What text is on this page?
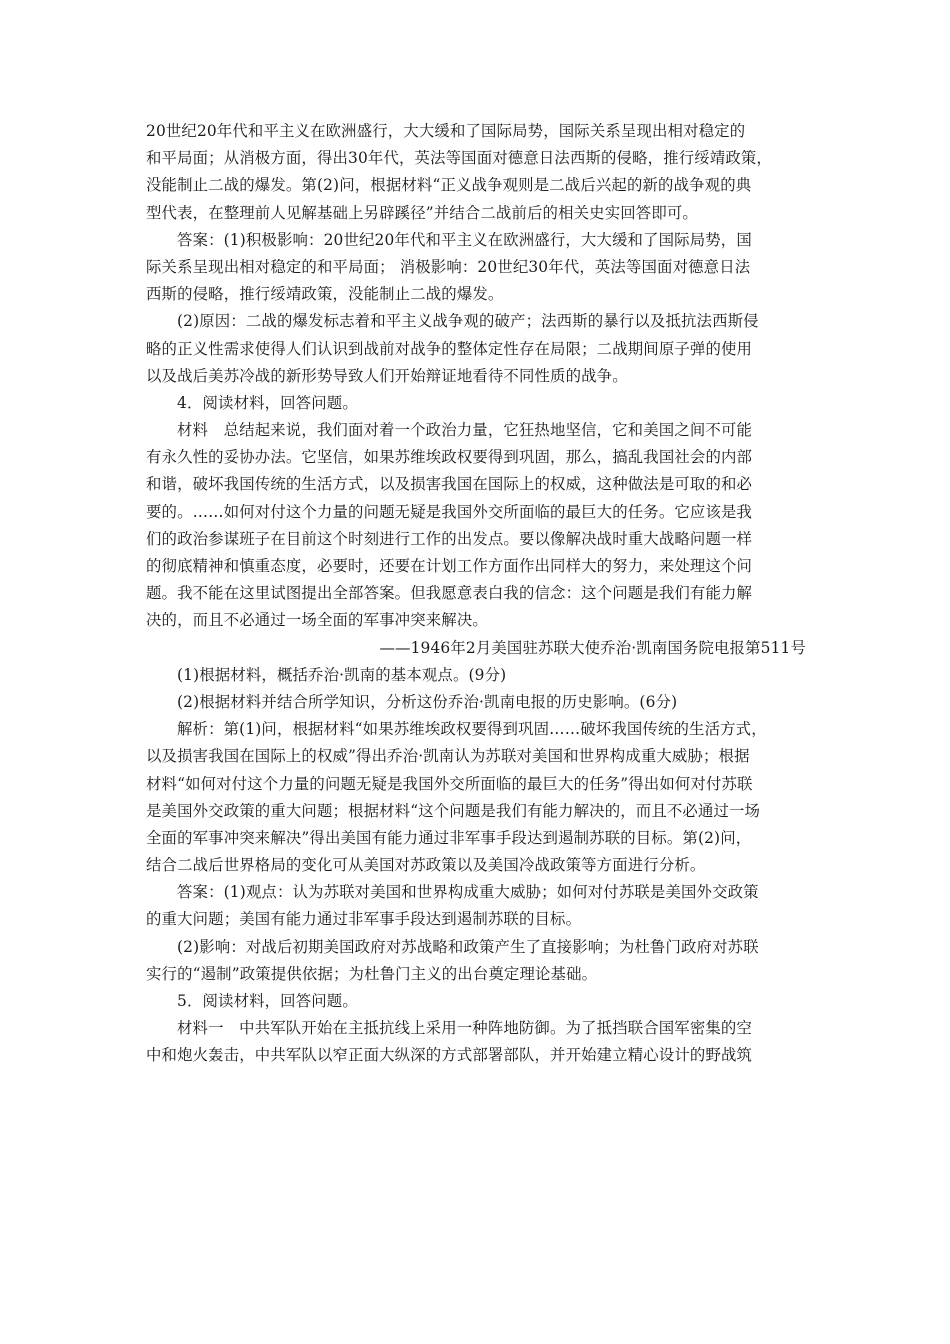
20世纪20年代和平主义在欧洲盛行，大大缓和了国际局势，国际关系呈现出相对稳定的
和平局面；从消极方面，得出30年代，英法等国面对德意日法西斯的侵略，推行绥靖政策，
没能制止二战的爆发。第(2)问，根据材料“正义战争观则是二战后兴起的新的战争观的典
型代表，在整理前人见解基础上另辟蹊径”并结合二战前后的相关史实回答即可。
答案：(1)积极影响：20世纪20年代和平主义在欧洲盛行，大大缓和了国际局势，国
际关系呈现出相对稳定的和平局面； 消极影响：20世纪30年代，英法等国面对德意日法
西斯的侵略，推行绥靖政策，没能制止二战的爆发。
(2)原因：二战的爆发标志着和平主义战争观的破产；法西斯的暴行以及抵抗法西斯侵
略的正义性需求使得人们认识到战前对战争的整体定性存在局限；二战期间原子弹的使用
以及战后美苏冷战的新形势导致人们开始辩证地看待不同性质的战争。
4．阅读材料，回答问题。
材料　总结起来说，我们面对着一个政治力量，它狂热地坚信，它和美国之间不可能
有永久性的妥协办法。它坚信，如果苏维埃政权要得到巩固，那么，搞乱我国社会的内部
和谐，破坏我国传统的生活方式，以及损害我国在国际上的权威，这种做法是可取的和必
要的。……如何对付这个力量的问题无疑是我国外交所面临的最巨大的任务。它应该是我
们的政治参谋班子在目前这个时刻进行工作的出发点。要以像解决战时重大战略问题一样
的彻底精神和慎重态度，必要时，还要在计划工作方面作出同样大的努力，来处理这个问
题。我不能在这里试图提出全部答案。但我愿意表白我的信念：这个问题是我们有能力解
决的，而且不必通过一场全面的军事冲突来解决。
——1946年2月美国驻苏联大使乔治·凯南国务院电报第511号
(1)根据材料，概括乔治·凯南的基本观点。(9分)
(2)根据材料并结合所学知识，分析这份乔治·凯南电报的历史影响。(6分)
解析：第(1)问，根据材料“如果苏维埃政权要得到巩固……破坏我国传统的生活方式，
以及损害我国在国际上的权威”得出乔治·凯南认为苏联对美国和世界构成重大威胁；根据
材料“如何对付这个力量的问题无疑是我国外交所面临的最巨大的任务”得出如何对付苏联
是美国外交政策的重大问题；根据材料“这个问题是我们有能力解决的，而且不必通过一场
全面的军事冲突来解决”得出美国有能力通过非军事手段达到遏制苏联的目标。第(2)问，
结合二战后世界格局的变化可从美国对苏政策以及美国冷战政策等方面进行分析。
答案：(1)观点：认为苏联对美国和世界构成重大威胁；如何对付苏联是美国外交政策
的重大问题；美国有能力通过非军事手段达到遏制苏联的目标。
(2)影响：对战后初期美国政府对苏战略和政策产生了直接影响；为杜鲁门政府对苏联
实行的“遏制”政策提供依据；为杜鲁门主义的出台奠定理论基础。
5．阅读材料，回答问题。
材料一　中共军队开始在主抵抗线上采用一种阵地防御。为了抵挡联合国军密集的空
中和炮火轰击，中共军队以窄正面大纵深的方式部署部队，并开始建立精心设计的野战筑
